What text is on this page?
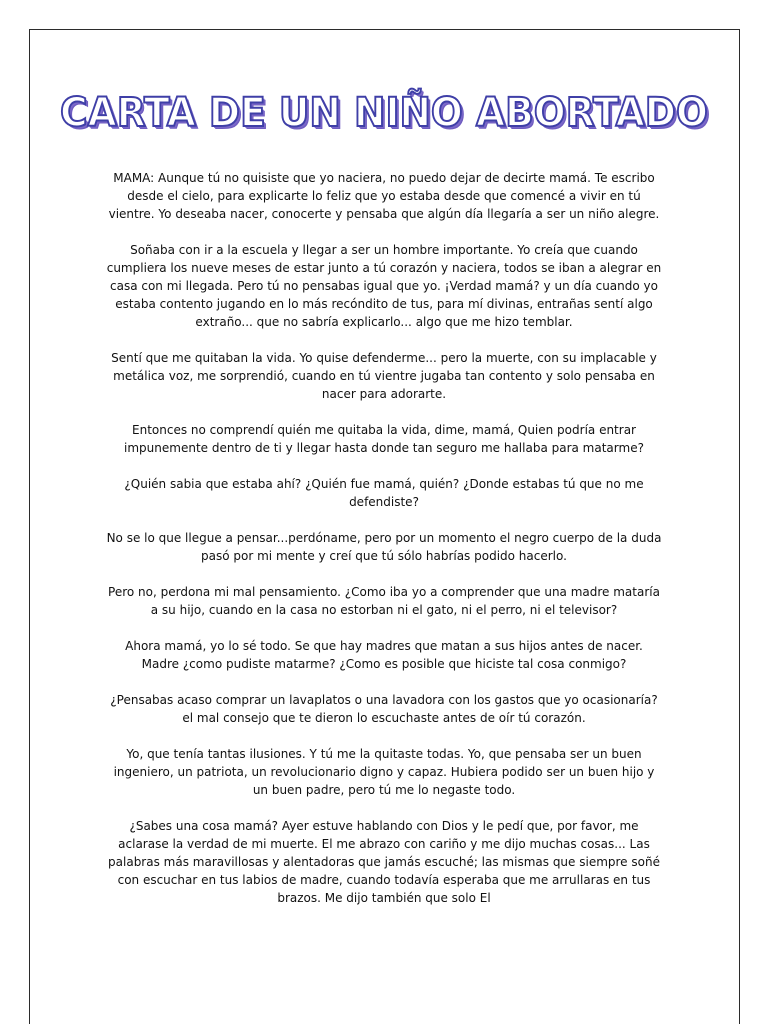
CARTA DE UN NIÑO ABORTADO

MAMA: Aunque tú no quisiste que yo naciera, no puedo dejar de decirte mamá. Te escribo desde el cielo, para explicarte lo feliz que yo estaba desde que comencé a vivir en tú vientre. Yo deseaba nacer, conocerte y pensaba que algún día llegaría a ser un niño alegre.

Soñaba con ir a la escuela y llegar a ser un hombre importante. Yo creía que cuando cumpliera los nueve meses de estar junto a tú corazón y naciera, todos se iban a alegrar en casa con mi llegada. Pero tú no pensabas igual que yo. ¡Verdad mamá? y un día cuando yo estaba contento jugando en lo más recóndito de tus, para mí divinas, entrañas sentí algo extraño... que no sabría explicarlo... algo que me hizo temblar.

Sentí que me quitaban la vida. Yo quise defenderme... pero la muerte, con su implacable y metálica voz, me sorprendió, cuando en tú vientre jugaba tan contento y solo pensaba en nacer para adorarte.

Entonces no comprendí quién me quitaba la vida, dime, mamá, Quien podría entrar impunemente dentro de ti y llegar hasta donde tan seguro me hallaba para matarme?

¿Quién sabia que estaba ahí? ¿Quién fue mamá, quién? ¿Donde estabas tú que no me defendiste?

No se lo que llegue a pensar...perdóname, pero por un momento el negro cuerpo de la duda pasó por mi mente y creí que tú sólo habrías podido hacerlo.

Pero no, perdona mi mal pensamiento. ¿Como iba yo a comprender que una madre mataría a su hijo, cuando en la casa no estorban ni el gato, ni el perro, ni el televisor?

Ahora mamá, yo lo sé todo. Se que hay madres que matan a sus hijos antes de nacer. Madre ¿como pudiste matarme? ¿Como es posible que hiciste tal cosa conmigo?

¿Pensabas acaso comprar un lavaplatos o una lavadora con los gastos que yo ocasionaría? el mal consejo que te dieron lo escuchaste antes de oír tú corazón.

Yo, que tenía tantas ilusiones. Y tú me la quitaste todas. Yo, que pensaba ser un buen ingeniero, un patriota, un revolucionario digno y capaz. Hubiera podido ser un buen hijo y un buen padre, pero tú me lo negaste todo.

¿Sabes una cosa mamá? Ayer estuve hablando con Dios y le pedí que, por favor, me aclarase la verdad de mi muerte. El me abrazo con cariño y me dijo muchas cosas... Las palabras más maravillosas y alentadoras que jamás escuché; las mismas que siempre soñé con escuchar en tus labios de madre, cuando todavía esperaba que me arrullaras en tus brazos. Me dijo también que solo El
